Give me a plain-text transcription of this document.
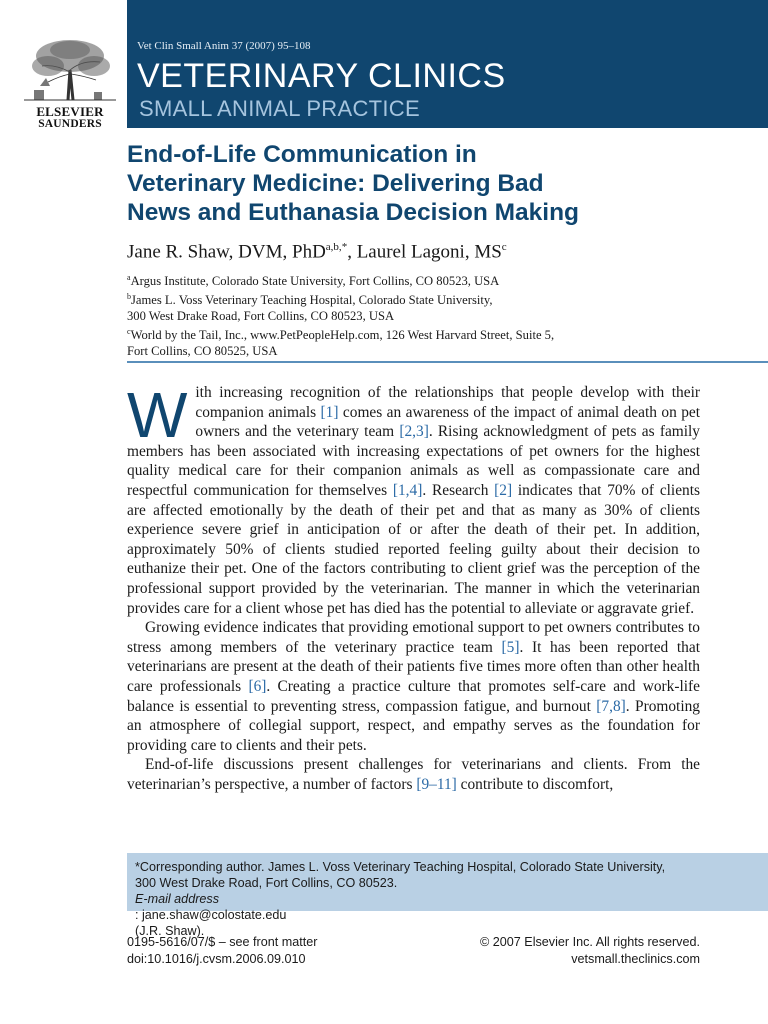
ELSEVIER
SAUNDERS
Vet Clin Small Anim 37 (2007) 95–108
VETERINARY CLINICS
SMALL ANIMAL PRACTICE
End-of-Life Communication in
Veterinary Medicine: Delivering Bad
News and Euthanasia Decision Making
Jane R. Shaw, DVM, PhD$^{a,b,*}$, Laurel Lagoni, $MS^c$
$^a$Argus Institute, Colorado State University, Fort Collins, CO 80523, USA
$^b$James L. Voss Veterinary Teaching Hospital, Colorado State University,
300 West Drake Road, Fort Collins, CO 80523, USA
$^c$World by the Tail, Inc., www.PetPeopleHelp.com, 126 West Harvard Street, Suite 5,
Fort Collins, CO 80525, USA

With increasing recognition of the relationships that people develop with their companion animals [1] comes an awareness of the impact of animal death on pet owners and the veterinary team [2,3]. Rising acknowledgment of pets as family members has been associated with increasing expectations of pet owners for the highest quality medical care for their companion animals as well as compassionate care and respectful communication for themselves [1,4]. Research [2] indicates that 70% of clients are affected emotionally by the death of their pet and that as many as 30% of clients experience severe grief in anticipation of or after the death of their pet. In addition, approximately 50% of clients studied reported feeling guilty about their decision to euthanize their pet. One of the factors contributing to client grief was the perception of the professional support provided by the veterinarian. The manner in which the veterinarian provides care for a client whose pet has died has the potential to alleviate or aggravate grief.

Growing evidence indicates that providing emotional support to pet owners contributes to stress among members of the veterinary practice team [5]. It has been reported that veterinarians are present at the death of their patients five times more often than other health care professionals [6]. Creating a practice culture that promotes self-care and work-life balance is essential to preventing stress, compassion fatigue, and burnout [7,8]. Promoting an atmosphere of collegial support, respect, and empathy serves as the foundation for providing care to clients and their pets.

End-of-life discussions present challenges for veterinarians and clients. From the veterinarian’s perspective, a number of factors [9–11] contribute to discomfort,

*Corresponding author. James L. Voss Veterinary Teaching Hospital, Colorado State University,
300 West Drake Road, Fort Collins, CO 80523.
E-mail address
: jane.shaw@colostate.edu
(J.R. Shaw).
0195-5616/07/$ – see front matter
doi:10.1016/j.cvsm.2006.09.010
© 2007 Elsevier Inc. All rights reserved.
vetsmall.theclinics.com
